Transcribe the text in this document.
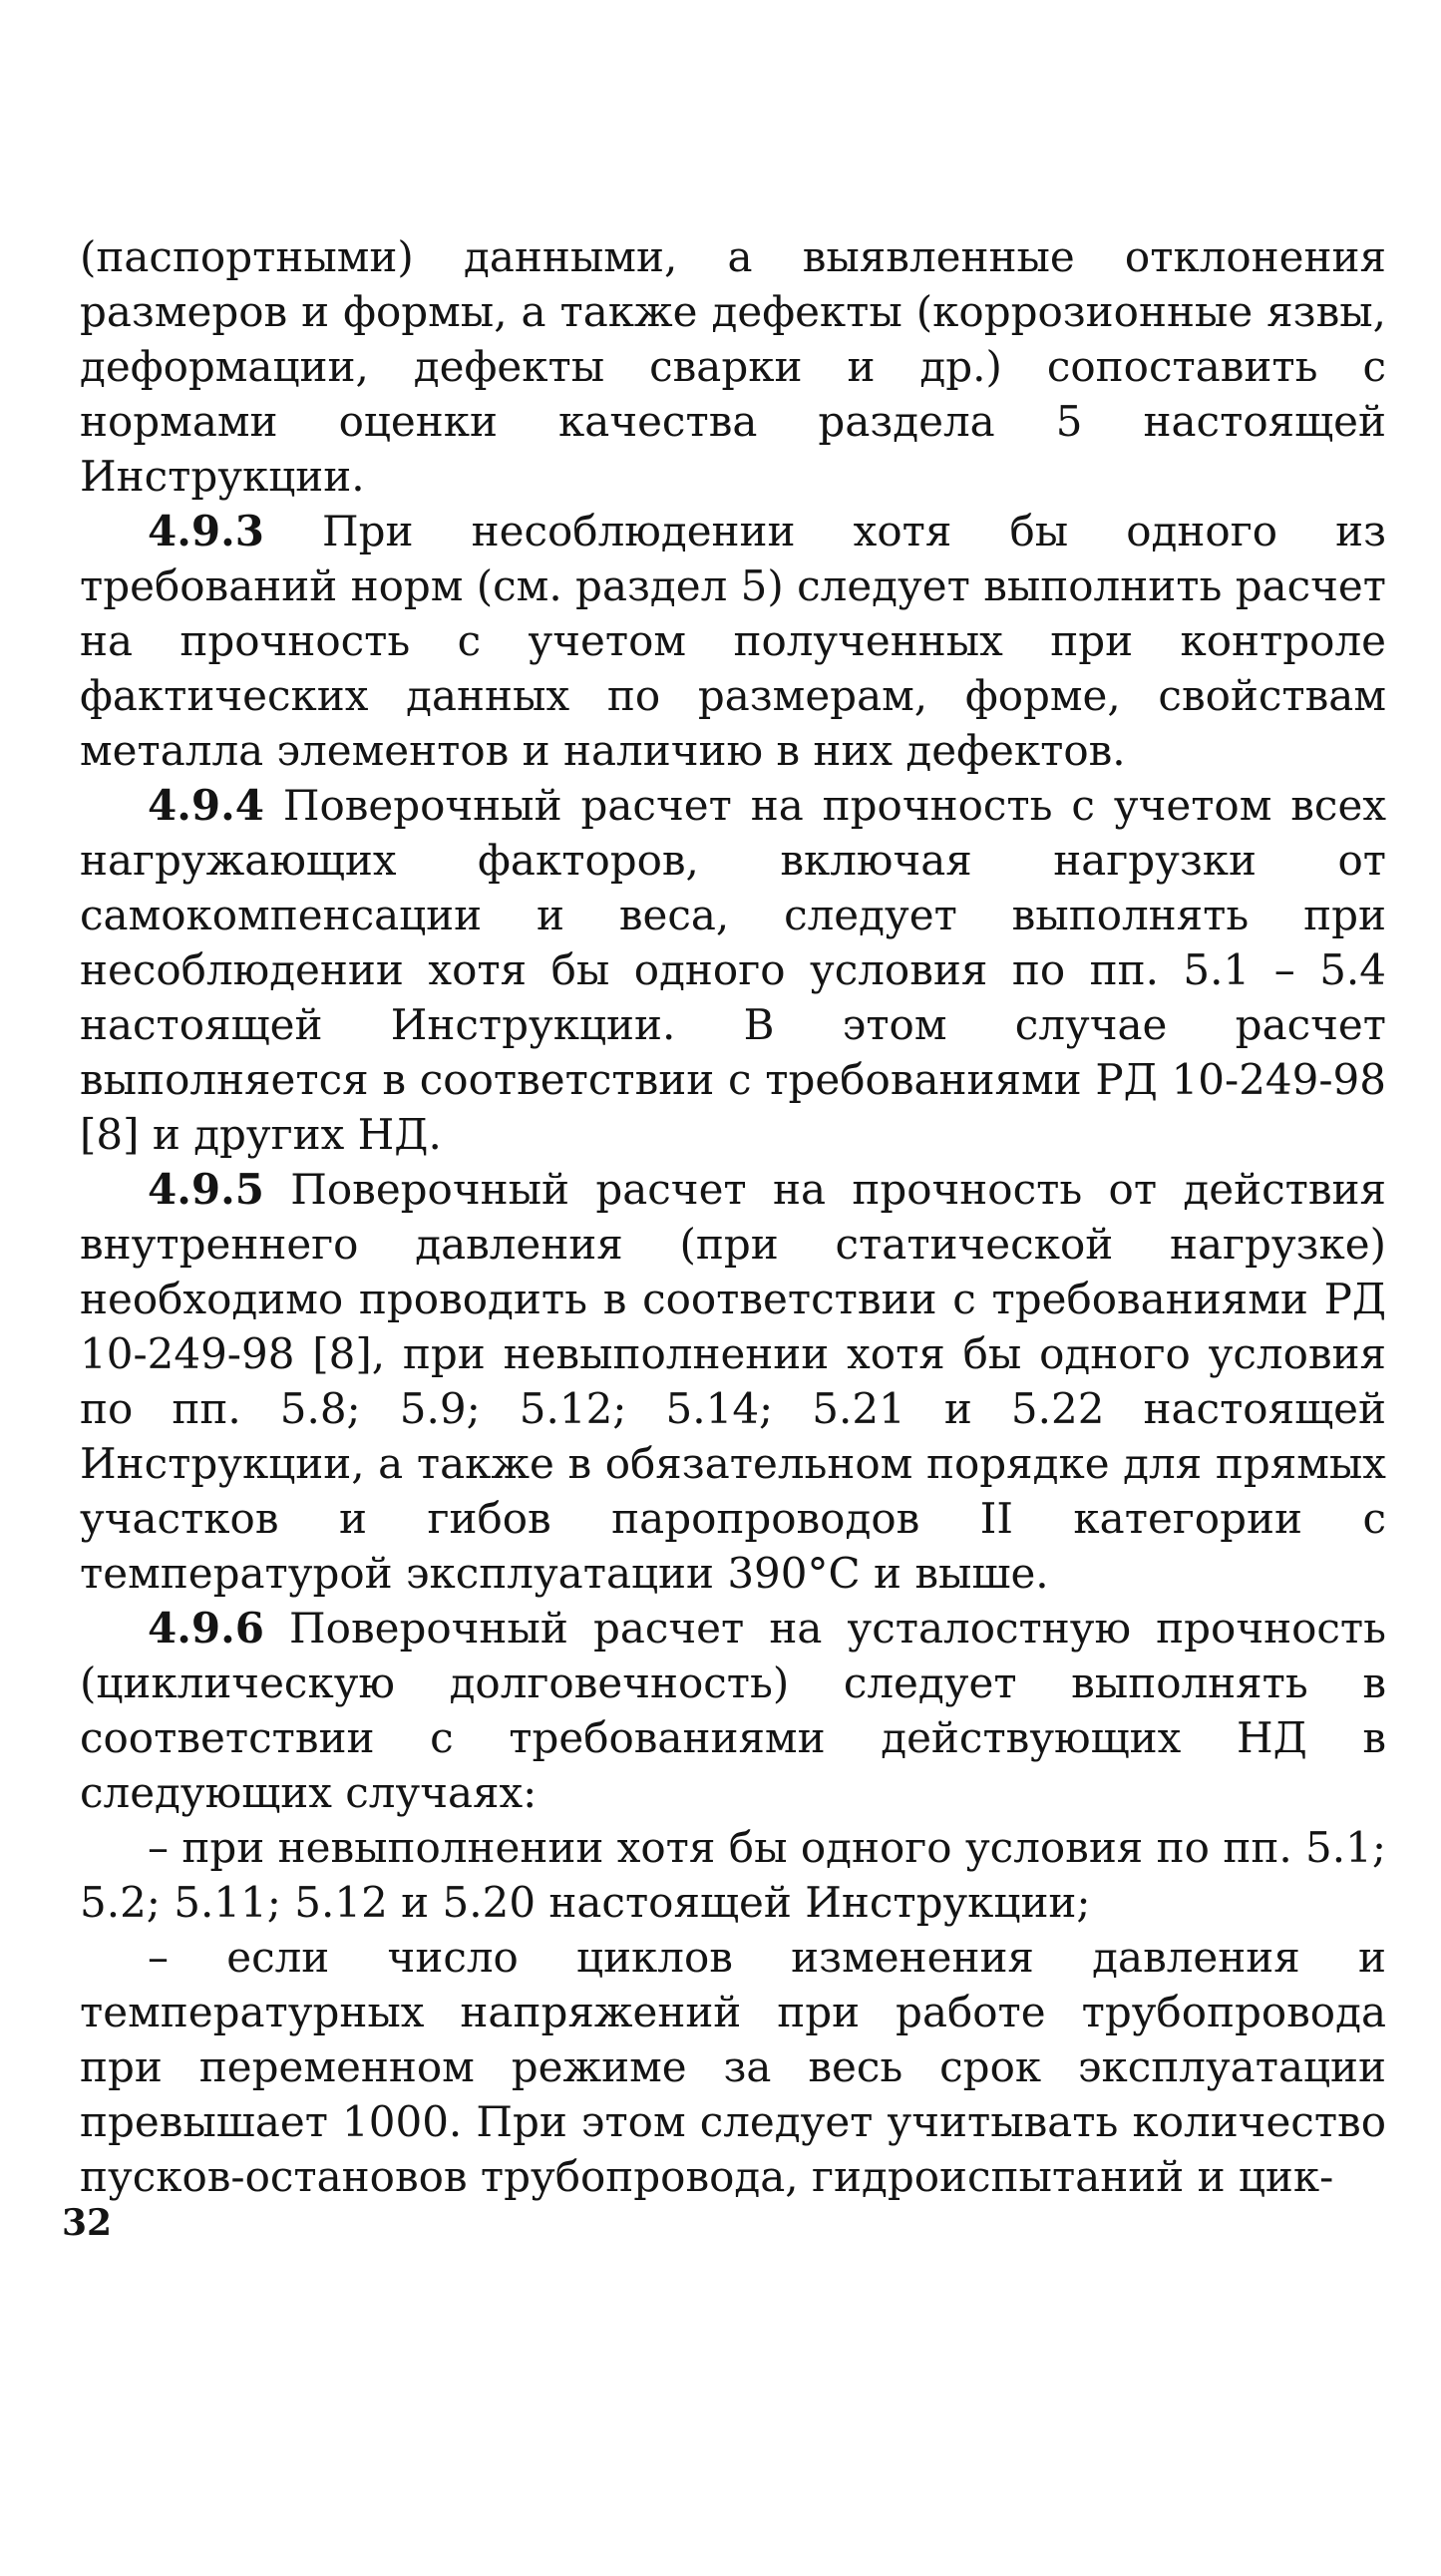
(паспортными) данными, а выявленные отклонения размеров и формы, а также дефекты (коррозионные язвы, деформации, дефекты сварки и др.) сопоставить с нормами оценки качества раздела 5 настоящей Инструкции.

4.9.3 При несоблюдении хотя бы одного из требований норм (см. раздел 5) следует выполнить расчет на прочность с учетом полученных при контроле фактических данных по размерам, форме, свойствам металла элементов и наличию в них дефектов.

4.9.4 Поверочный расчет на прочность с учетом всех нагружающих факторов, включая нагрузки от самокомпенсации и веса, следует выполнять при несоблюдении хотя бы одного условия по пп. 5.1 – 5.4 настоящей Инструкции. В этом случае расчет выполняется в соответствии с требованиями РД 10-249-98 [8] и других НД.

4.9.5 Поверочный расчет на прочность от действия внутреннего давления (при статической нагрузке) необходимо проводить в соответствии с требованиями РД 10-249-98 [8], при невыполнении хотя бы одного условия по пп. 5.8; 5.9; 5.12; 5.14; 5.21 и 5.22 настоящей Инструкции, а также в обязательном порядке для прямых участков и гибов паропроводов II категории с температурой эксплуатации 390°С и выше.

4.9.6 Поверочный расчет на усталостную прочность (циклическую долговечность) следует выполнять в соответствии с требованиями действующих НД в следующих случаях:

– при невыполнении хотя бы одного условия по пп. 5.1; 5.2; 5.11; 5.12 и 5.20 настоящей Инструкции;

– если число циклов изменения давления и температурных напряжений при работе трубопровода при переменном режиме за весь срок эксплуатации превышает 1000. При этом следует учитывать количество пусков-остановов трубопровода, гидроиспытаний и цик-

32
